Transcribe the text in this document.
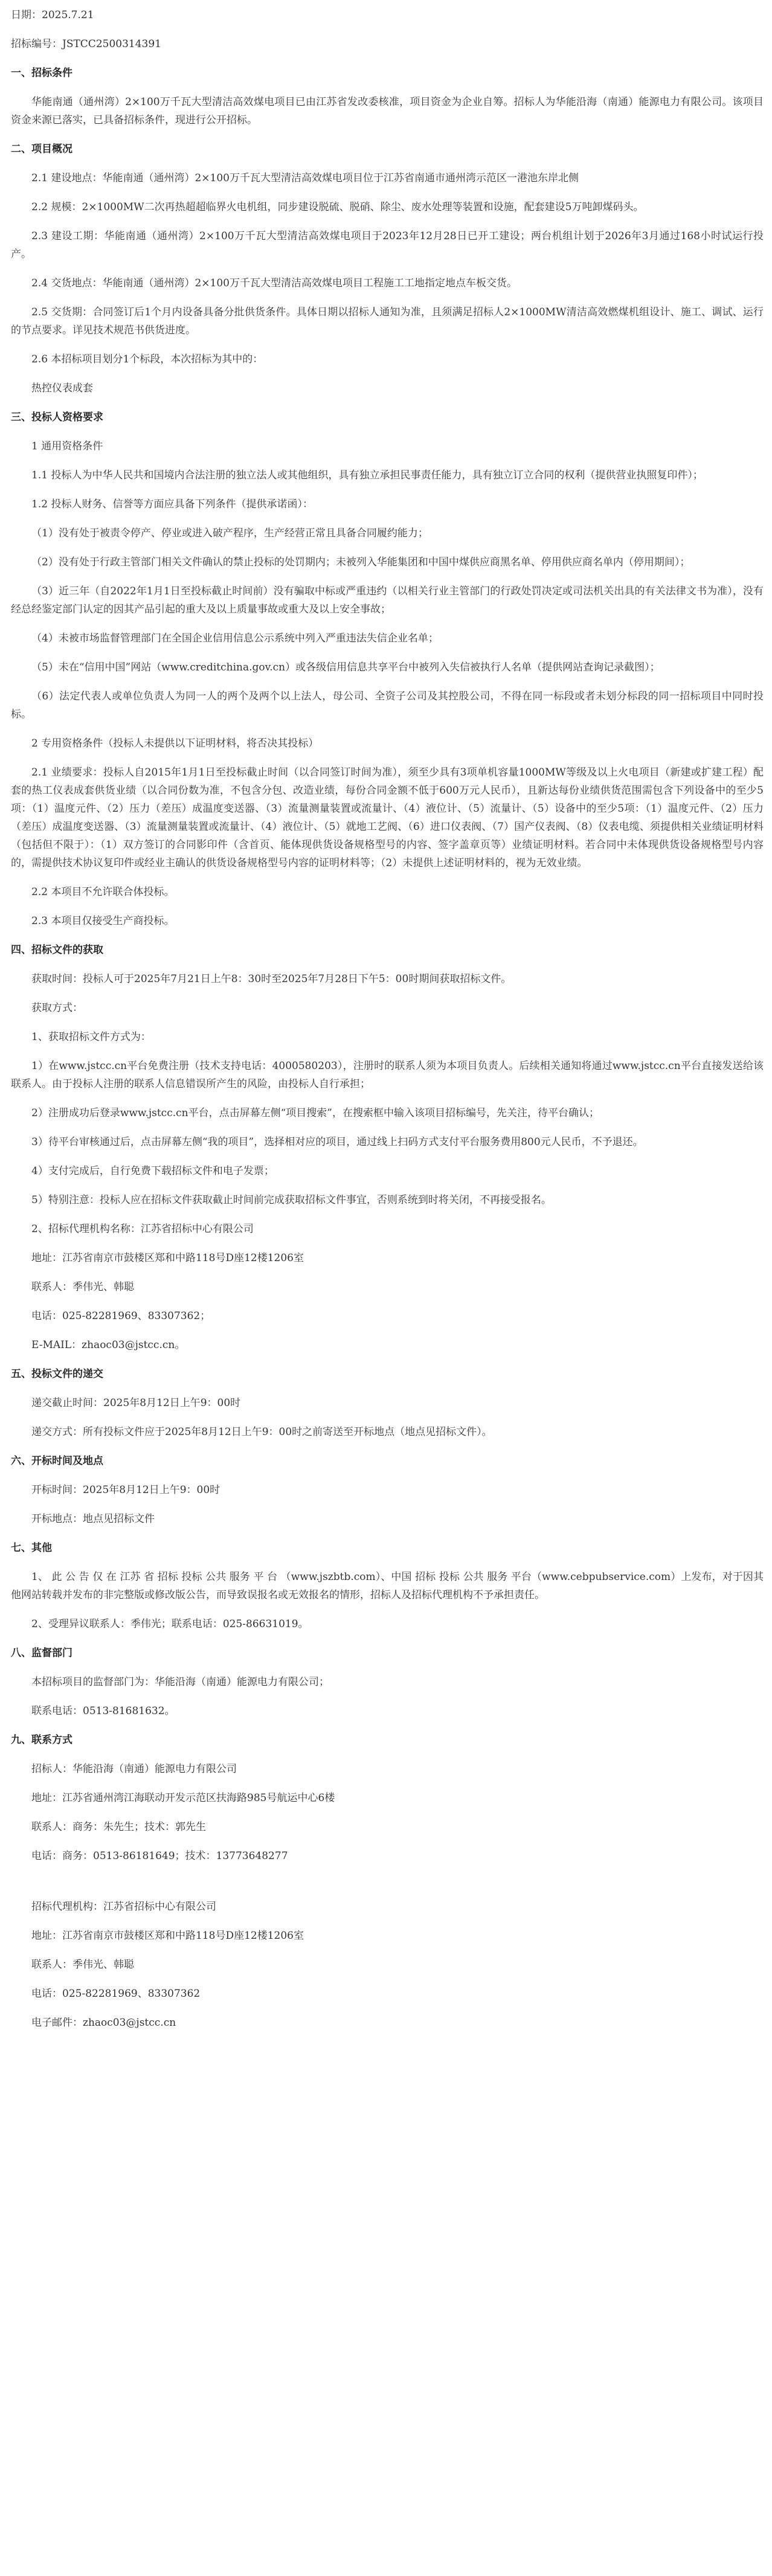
日期：2025.7.21
招标编号：JSTCC2500314391
一、招标条件
华能南通（通州湾）2×100万千瓦大型清洁高效煤电项目已由江苏省发改委核准，项目资金为企业自筹。招标人为华能沿海（南通）能源电力有限公司。该项目资金来源已落实，已具备招标条件，现进行公开招标。
二、项目概况
2.1 建设地点：华能南通（通州湾）2×100万千瓦大型清洁高效煤电项目位于江苏省南通市通州湾示范区一港池东岸北侧
2.2 规模：2×1000MW二次再热超超临界火电机组，同步建设脱硫、脱硝、除尘、废水处理等装置和设施，配套建设5万吨卸煤码头。
2.3 建设工期：华能南通（通州湾）2×100万千瓦大型清洁高效煤电项目于2023年12月28日已开工建设；两台机组计划于2026年3月通过168小时试运行投产。
2.4 交货地点：华能南通（通州湾）2×100万千瓦大型清洁高效煤电项目工程施工工地指定地点车板交货。
2.5 交货期：合同签订后1个月内设备具备分批供货条件。具体日期以招标人通知为准，且须满足招标人2×1000MW清洁高效燃煤机组设计、施工、调试、运行的节点要求。详见技术规范书供货进度。
2.6 本招标项目划分1个标段，本次招标为其中的：
热控仪表成套
三、投标人资格要求
1 通用资格条件
1.1 投标人为中华人民共和国境内合法注册的独立法人或其他组织，具有独立承担民事责任能力，具有独立订立合同的权利（提供营业执照复印件）；
1.2 投标人财务、信誉等方面应具备下列条件（提供承诺函）：
（1）没有处于被责令停产、停业或进入破产程序，生产经营正常且具备合同履约能力；
（2）没有处于行政主管部门相关文件确认的禁止投标的处罚期内；未被列入华能集团和中国中煤供应商黑名单、停用供应商名单内（停用期间）；
（3）近三年（自2022年1月1日至投标截止时间前）没有骗取中标或严重违约（以相关行业主管部门的行政处罚决定或司法机关出具的有关法律文书为准），没有经总经鉴定部门认定的因其产品引起的重大及以上质量事故或重大及以上安全事故；
（4）未被市场监督管理部门在全国企业信用信息公示系统中列入严重违法失信企业名单；
（5）未在“信用中国”网站（www.creditchina.gov.cn）或各级信用信息共享平台中被列入失信被执行人名单（提供网站查询记录截图）；
（6）法定代表人或单位负责人为同一人的两个及两个以上法人，母公司、全资子公司及其控股公司，不得在同一标段或者未划分标段的同一招标项目中同时投标。
2 专用资格条件（投标人未提供以下证明材料，将否决其投标）
2.1 业绩要求：投标人自2015年1月1日至投标截止时间（以合同签订时间为准），须至少具有3项单机容量1000MW等级及以上火电项目（新建或扩建工程）配套的热工仪表成套供货业绩（以合同份数为准，不包含分包、改造业绩，每份合同金额不低于600万元人民币），且新达每份业绩供货范围需包含下列设备中的至少5项：（1）温度元件、（2）压力（差压）成温度变送器、（3）流量测量装置或流量计、（4）液位计、（5）流量计、（5）设备中的至少5项：（1）温度元件、（2）压力（差压）成温度变送器、（3）流量测量装置或流量计、（4）液位计、（5）就地工艺阀、（6）进口仪表阀、（7）国产仪表阀、（8）仪表电缆、须提供相关业绩证明材料（包括但不限于）：（1）双方签订的合同影印件（含首页、能体现供货设备规格型号的内容、签字盖章页等）业绩证明材料。若合同中未体现供货设备规格型号内容的，需提供技术协议复印件或经业主确认的供货设备规格型号内容的证明材料等；（2）未提供上述证明材料的，视为无效业绩。
2.2 本项目不允许联合体投标。
2.3 本项目仅接受生产商投标。
四、招标文件的获取
获取时间：投标人可于2025年7月21日上午8：30时至2025年7月28日下午5：00时期间获取招标文件。
获取方式：
1、获取招标文件方式为：
1）在www.jstcc.cn平台免费注册（技术支持电话：4000580203），注册时的联系人须为本项目负责人。后续相关通知将通过www.jstcc.cn平台直接发送给该联系人。由于投标人注册的联系人信息错误所产生的风险，由投标人自行承担；
2）注册成功后登录www.jstcc.cn平台，点击屏幕左侧“项目搜索”，在搜索框中输入该项目招标编号，先关注，待平台确认；
3）待平台审核通过后，点击屏幕左侧“我的项目”，选择相对应的项目，通过线上扫码方式支付平台服务费用800元人民币，不予退还。
4）支付完成后，自行免费下载招标文件和电子发票；
5）特别注意：投标人应在招标文件获取截止时间前完成获取招标文件事宜，否则系统到时将关闭，不再接受报名。
2、招标代理机构名称：江苏省招标中心有限公司
地址：江苏省南京市鼓楼区郑和中路118号D座12楼1206室
联系人：季伟光、韩聪
电话：025-82281969、83307362；
E-MAIL：zhaoc03@jstcc.cn。
五、投标文件的递交
递交截止时间：2025年8月12日上午9：00时
递交方式：所有投标文件应于2025年8月12日上午9：00时之前寄送至开标地点（地点见招标文件）。
六、开标时间及地点
开标时间：2025年8月12日上午9：00时
开标地点：地点见招标文件
七、其他
1、 此 公 告 仅 在 江苏 省 招标 投标 公共 服务 平 台 （www.jszbtb.com）、中国 招标 投标 公共 服务 平台（www.cebpubservice.com）上发布，对于因其他网站转载并发布的非完整版或修改版公告，而导致误报名或无效报名的情形，招标人及招标代理机构不予承担责任。
2、受理异议联系人：季伟光；联系电话：025-86631019。
八、监督部门
本招标项目的监督部门为：华能沿海（南通）能源电力有限公司；
联系电话：0513-81681632。
九、联系方式
招标人：华能沿海（南通）能源电力有限公司
地址：江苏省通州湾江海联动开发示范区扶海路985号航运中心6楼
联系人：商务：朱先生；技术：郭先生
电话：商务：0513-86181649；技术：13773648277
招标代理机构：江苏省招标中心有限公司
地址：江苏省南京市鼓楼区郑和中路118号D座12楼1206室
联系人：季伟光、韩聪
电话：025-82281969、83307362
电子邮件：zhaoc03@jstcc.cn
